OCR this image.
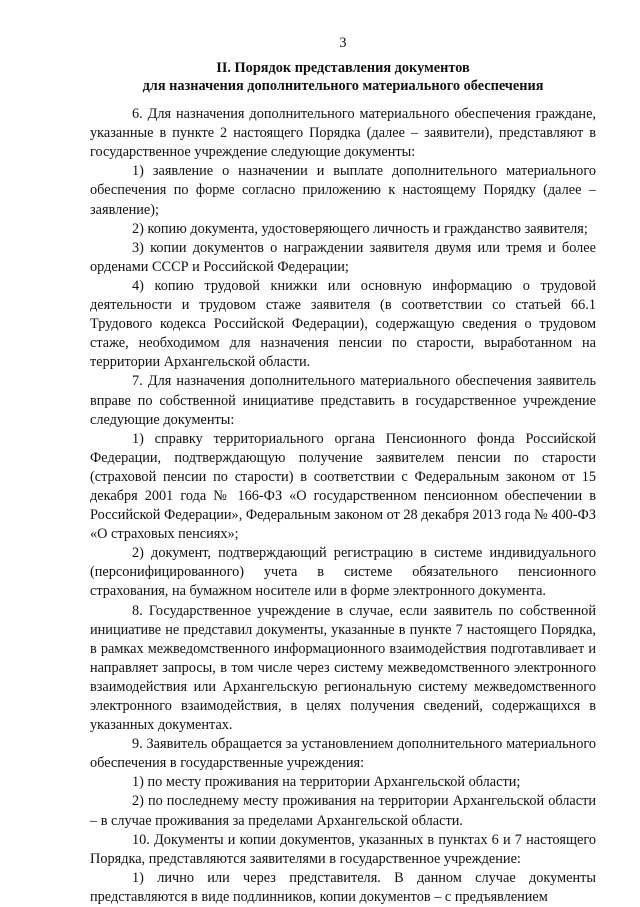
3
II. Порядок представления документов
для назначения дополнительного материального обеспечения

6. Для назначения дополнительного материального обеспечения граждане, указанные в пункте 2 настоящего Порядка (далее – заявители), представляют в государственное учреждение следующие документы:

1) заявление о назначении и выплате дополнительного материального обеспечения по форме согласно приложению к настоящему Порядку (далее – заявление);

2) копию документа, удостоверяющего личность и гражданство заявителя;

3) копии документов о награждении заявителя двумя или тремя и более орденами СССР и Российской Федерации;

4) копию трудовой книжки или основную информацию о трудовой деятельности и трудовом стаже заявителя (в соответствии со статьей 66.1 Трудового кодекса Российской Федерации), содержащую сведения о трудовом стаже, необходимом для назначения пенсии по старости, выработанном на территории Архангельской области.

7. Для назначения дополнительного материального обеспечения заявитель вправе по собственной инициативе представить в государственное учреждение следующие документы:

1) справку территориального органа Пенсионного фонда Российской Федерации, подтверждающую получение заявителем пенсии по старости (страховой пенсии по старости) в соответствии с Федеральным законом от 15 декабря 2001 года № 166-ФЗ «О государственном пенсионном обеспечении в Российской Федерации», Федеральным законом от 28 декабря 2013 года № 400-ФЗ «О страховых пенсиях»;

2) документ, подтверждающий регистрацию в системе индивидуального (персонифицированного) учета в системе обязательного пенсионного страхования, на бумажном носителе или в форме электронного документа.

8. Государственное учреждение в случае, если заявитель по собственной инициативе не представил документы, указанные в пункте 7 настоящего Порядка, в рамках межведомственного информационного взаимодействия подготавливает и направляет запросы, в том числе через систему межведомственного электронного взаимодействия или Архангельскую региональную систему межведомственного электронного взаимодействия, в целях получения сведений, содержащихся в указанных документах.

9. Заявитель обращается за установлением дополнительного материального обеспечения в государственные учреждения:

1) по месту проживания на территории Архангельской области;

2) по последнему месту проживания на территории Архангельской области – в случае проживания за пределами Архангельской области.

10. Документы и копии документов, указанных в пунктах 6 и 7 настоящего Порядка, представляются заявителями в государственное учреждение:

1) лично или через представителя. В данном случае документы представляются в виде подлинников, копии документов – с предъявлением
